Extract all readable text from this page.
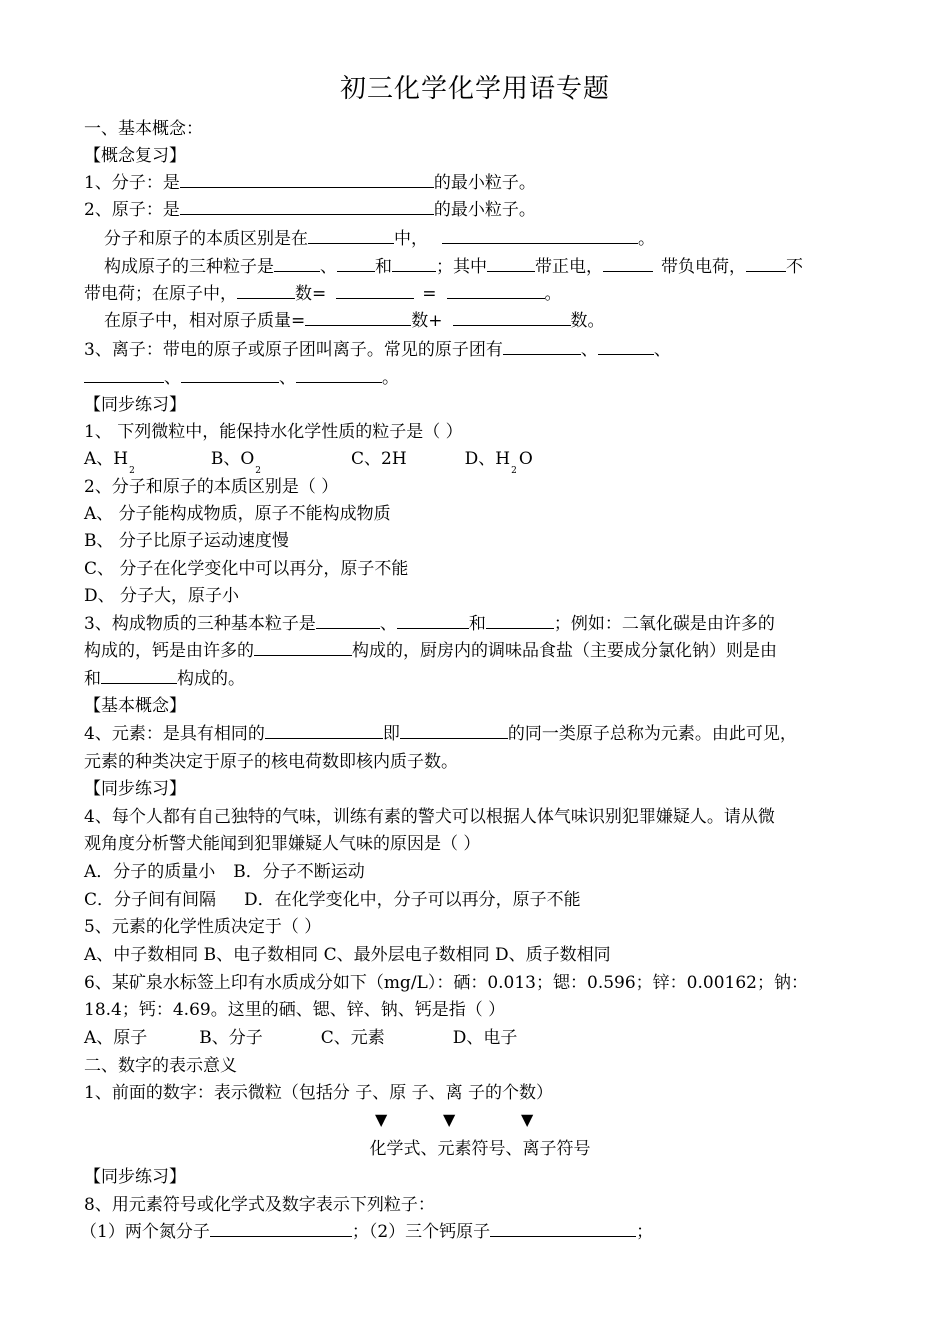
初三化学化学用语专题
一、基本概念：
【概念复习】
1、分子：是	的最小粒子。
2、原子：是	的最小粒子。
分子和原子的本质区别是在	中，	。
构成原子的三种粒子是	、 和	；其中	带正电，	带负电荷， 不
带电荷；在原子中，	数=	=	。
在原子中，相对原子质量=	数+	数。
3、离子：带电的原子或原子团叫离子。常见的原子团有	、	、
、	、	。
【同步练习】
1、 下列微粒中，能保持水化学性质的粒子是（ ）
A、$H_2B$、$O_2C$、2H	D、$H_2O$
2、分子和原子的本质区别是（ ）
A、 分子能构成物质，原子不能构成物质
B、 分子比原子运动速度慢
C、 分子在化学变化中可以再分，原子不能
D、 分子大，原子小
3、构成物质的三种基本粒子是	、	和	；例如：二氧化碳是由许多的
构成的，钙是由许多的	构成的，厨房内的调味品食盐（主要成分氯化钠）则是由
和	构成的。
【基本概念】
4、元素：是具有相同的	即	的同一类原子总称为元素。由此可见，
元素的种类决定于原子的核电荷数即核内质子数。
【同步练习】
4、每个人都有自己独特的气味，训练有素的警犬可以根据人体气味识别犯罪嫌疑人。请从微
观角度分析警犬能闻到犯罪嫌疑人气味的原因是（ ）
A．分子的质量小 B．分子不断运动
C．分子间有间隔 D．在化学变化中，分子可以再分，原子不能
5、元素的化学性质决定于（ ）
A、中子数相同 B、电子数相同 C、最外层电子数相同 D、质子数相同
6、某矿泉水标签上印有水质成分如下（mg/L）：硒：0.013；锶：0.596；锌：0.00162；钠：
18.4；钙：4.69。这里的硒、锶、锌、钠、钙是指（ ）
A、原子	B、分子	C、元素	D、电子
二、数字的表示意义
1、前面的数字：表示微粒（包括分 子、原 子、离 子的个数）
▼	▼	▼
化学式、元素符号、离子符号
【同步练习】
8、用元素符号或化学式及数字表示下列粒子：
（1）两个氮分子	；（2）三个钙原子	；
